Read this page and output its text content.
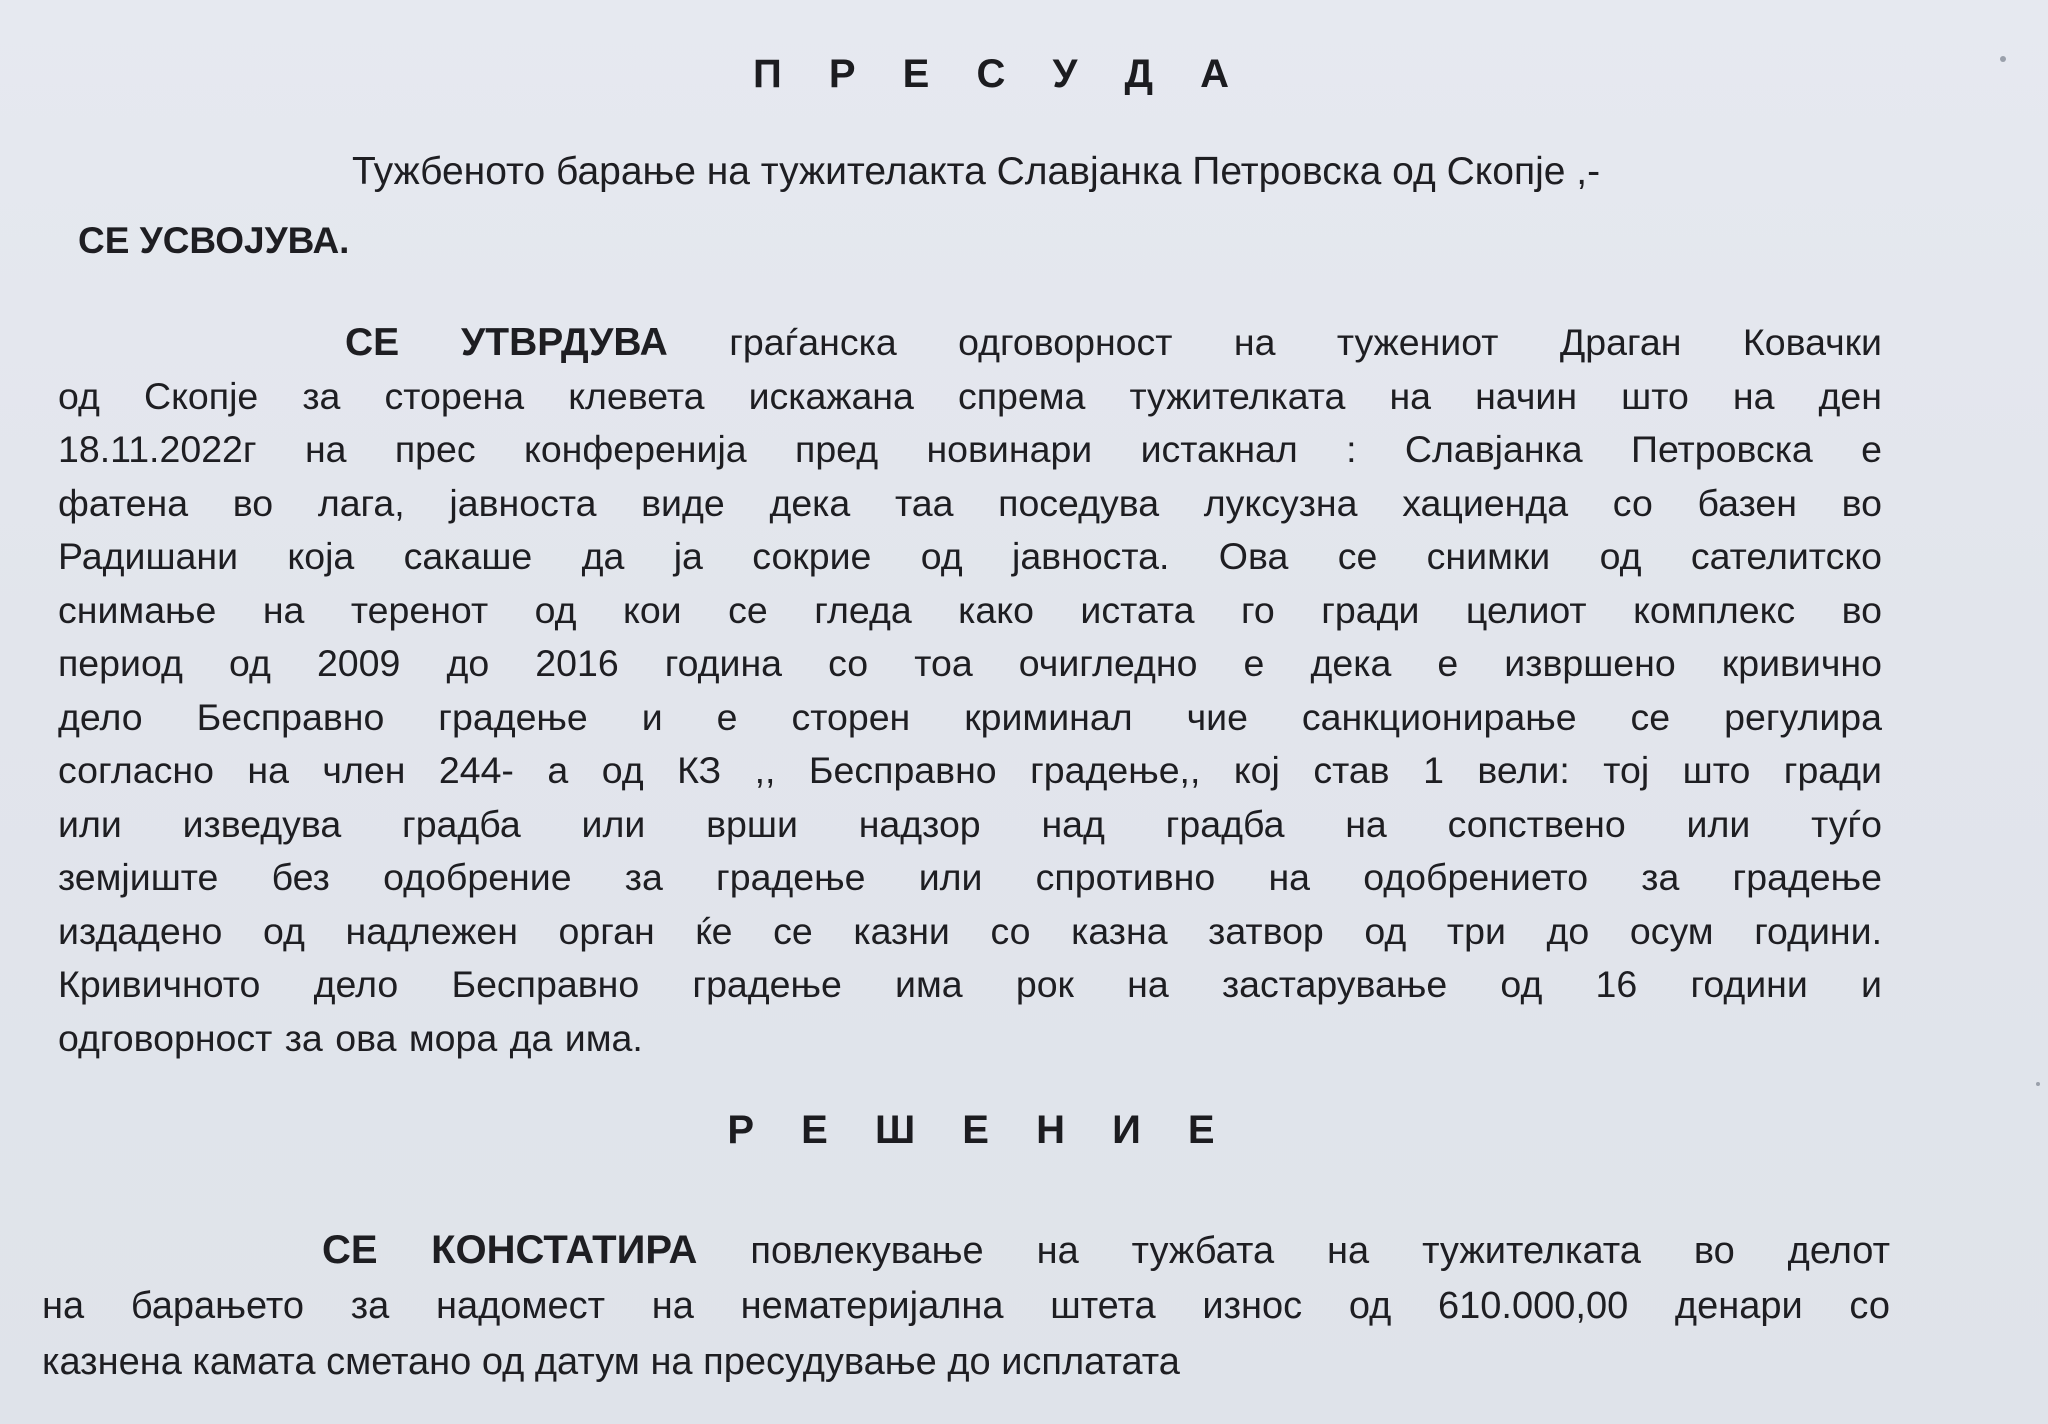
П Р Е С У Д А

Тужбеното барање на тужителакта Славјанка Петровска од Скопје ,-

СЕ УСВОЈУВА.

СЕ УТВРДУВА граѓанска одговорност на тужениот Драган Ковачки

од Скопје за сторена клевета искажана спрема тужителката на начин што на ден

18.11.2022г на прес конференија пред новинари истакнал : Славјанка Петровска е

фатена во лага, јавноста виде дека таа поседува луксузна хациенда со базен во

Радишани која сакаше да ја сокрие од јавноста. Ова се снимки од сателитско

снимање на теренот од кои се гледа како истата го гради целиот комплекс во

период од 2009 до 2016 година со тоа очигледно е дека е извршено кривично

дело Бесправно градење и е сторен криминал чие санкционирање се регулира

согласно на член 244- а од КЗ ,, Бесправно градење,, кој став 1 вели: тој што гради

или изведува градба или врши надзор над градба на сопствено или туѓо

земјиште без одобрение за градење или спротивно на одобрението за градење

издадено од надлежен орган ќе се казни со казна затвор од три до осум години.

Кривичното дело Бесправно градење има рок на застарување од 16 години и

одговорност за ова мора да има.

Р Е Ш Е Н И Е

СЕ КОНСТАТИРА повлекување на тужбата на тужителката во делот

на барањето за надомест на нематеријална штета износ од 610.000,00 денари со

казнена камата сметано од датум на пресудување до исплатата
